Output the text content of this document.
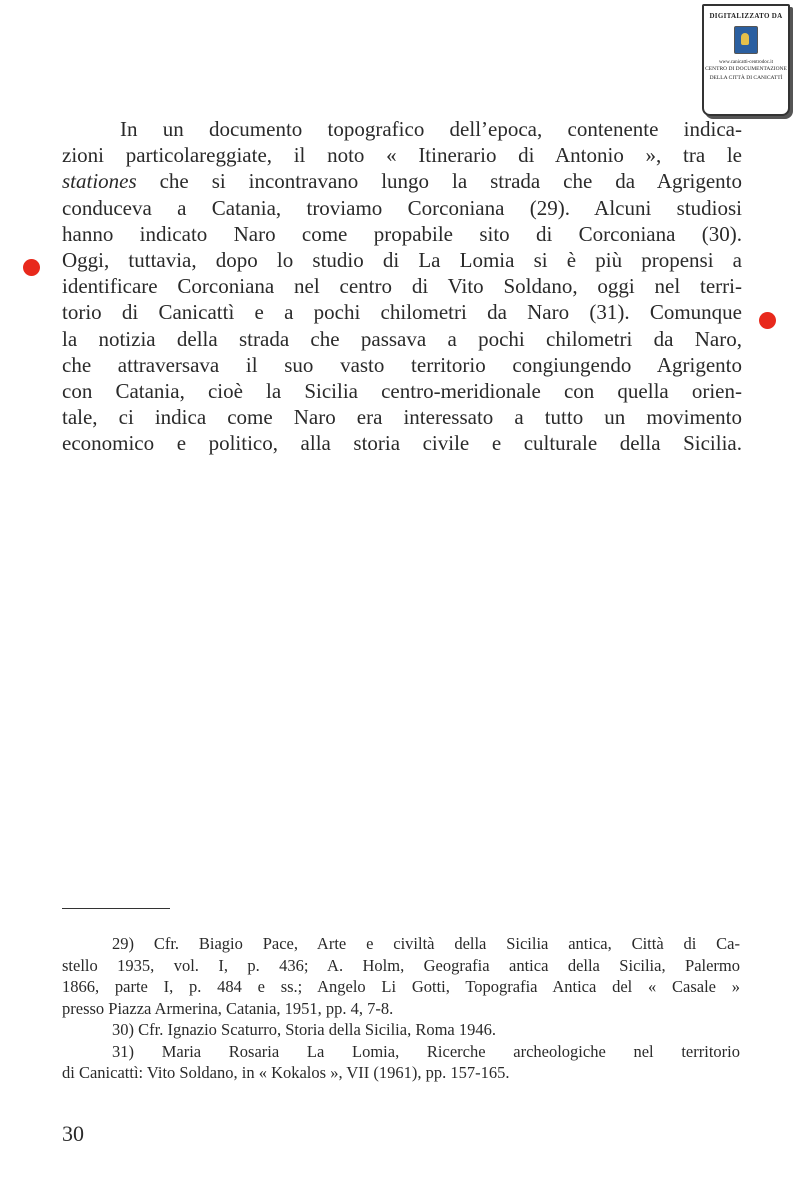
DIGITALIZZATO DA
www.canicatti-centrodoc.it
CENTRO DI DOCUMENTAZIONE
DELLA CITTÀ DI CANICATTÌ
In un documento topografico dell’epoca, contenente indica-
zioni particolareggiate, il noto « Itinerario di Antonio », tra le
stationes che si incontravano lungo la strada che da Agrigento
conduceva a Catania, troviamo Corconiana (29). Alcuni studiosi
hanno indicato Naro come propabile sito di Corconiana (30).
Oggi, tuttavia, dopo lo studio di La Lomia si è più propensi a
identificare Corconiana nel centro di Vito Soldano, oggi nel terri-
torio di Canicattì e a pochi chilometri da Naro (31). Comunque
la notizia della strada che passava a pochi chilometri da Naro,
che attraversava il suo vasto territorio congiungendo Agrigento
con Catania, cioè la Sicilia centro-meridionale con quella orien-
tale, ci indica come Naro era interessato a tutto un movimento
economico e politico, alla storia civile e culturale della Sicilia.
29) Cfr. Biagio Pace, Arte e civiltà della Sicilia antica, Città di Ca-
stello 1935, vol. I, p. 436; A. Holm, Geografia antica della Sicilia, Palermo
1866, parte I, p. 484 e ss.; Angelo Li Gotti, Topografia Antica del « Casale »
presso Piazza Armerina, Catania, 1951, pp. 4, 7-8.
30) Cfr. Ignazio Scaturro, Storia della Sicilia, Roma 1946.
31) Maria Rosaria La Lomia, Ricerche archeologiche nel territorio
di Canicattì: Vito Soldano, in « Kokalos », VII (1961), pp. 157-165.
30
